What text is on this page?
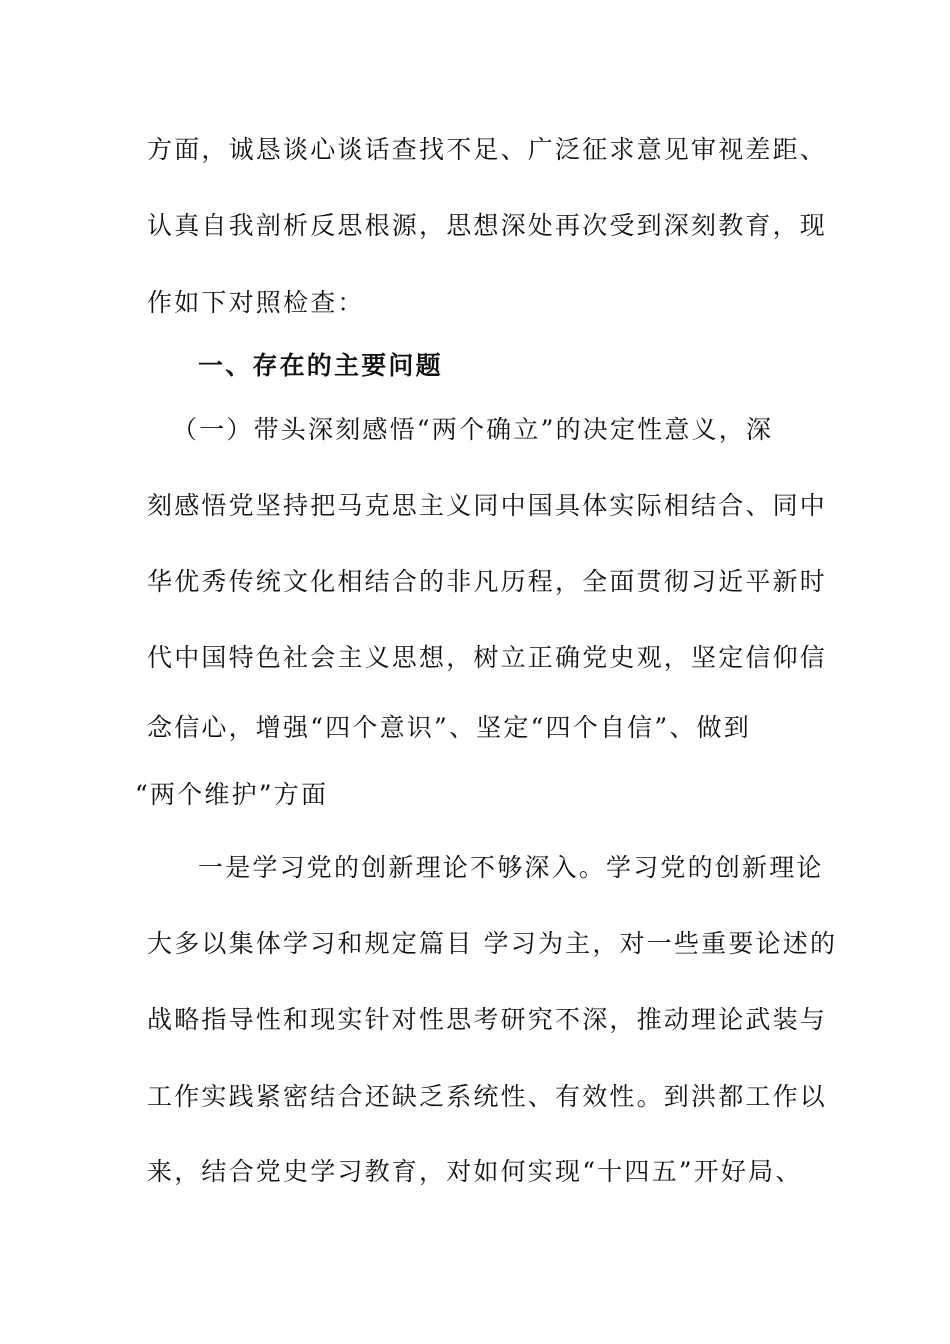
方面，诚恳谈心谈话查找不足、广泛征求意见审视差距、
认真自我剖析反思根源，思想深处再次受到深刻教育，现
作如下对照检查：
一、存在的主要问题
（一）带头深刻感悟“两个确立”的决定性意义，深
刻感悟党坚持把马克思主义同中国具体实际相结合、同中
华优秀传统文化相结合的非凡历程，全面贯彻习近平新时
代中国特色社会主义思想，树立正确党史观，坚定信仰信
念信心，增强“四个意识”、坚定“四个自信”、做到
“两个维护”方面
一是学习党的创新理论不够深入。学习党的创新理论
大多以集体学习和规定篇目 学习为主，对一些重要论述的
战略指导性和现实针对性思考研究不深，推动理论武装与
工作实践紧密结合还缺乏系统性、有效性。到洪都工作以
来，结合党史学习教育，对如何实现“十四五”开好局、
